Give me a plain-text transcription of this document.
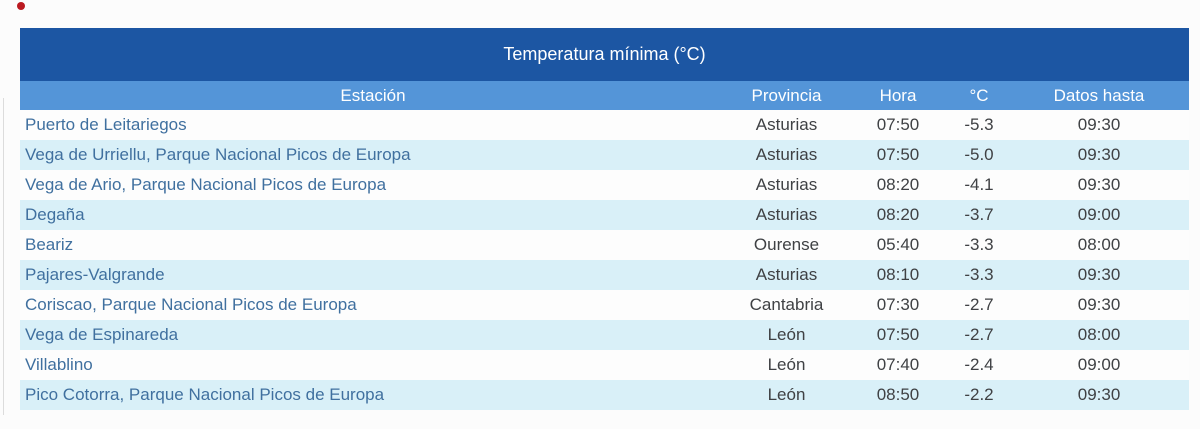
Temperatura mínima (°C)				
Estación	Provincia	Hora	°C	Datos hasta
Puerto de Leitariegos	Asturias	07:50	-5.3	09:30
Vega de Urriellu, Parque Nacional Picos de Europa	Asturias	07:50	-5.0	09:30
Vega de Ario, Parque Nacional Picos de Europa	Asturias	08:20	-4.1	09:30
Degaña	Asturias	08:20	-3.7	09:00
Beariz	Ourense	05:40	-3.3	08:00
Pajares-Valgrande	Asturias	08:10	-3.3	09:30
Coriscao, Parque Nacional Picos de Europa	Cantabria	07:30	-2.7	09:30
Vega de Espinareda	León	07:50	-2.7	08:00
Villablino	León	07:40	-2.4	09:00
Pico Cotorra, Parque Nacional Picos de Europa	León	08:50	-2.2	09:30
